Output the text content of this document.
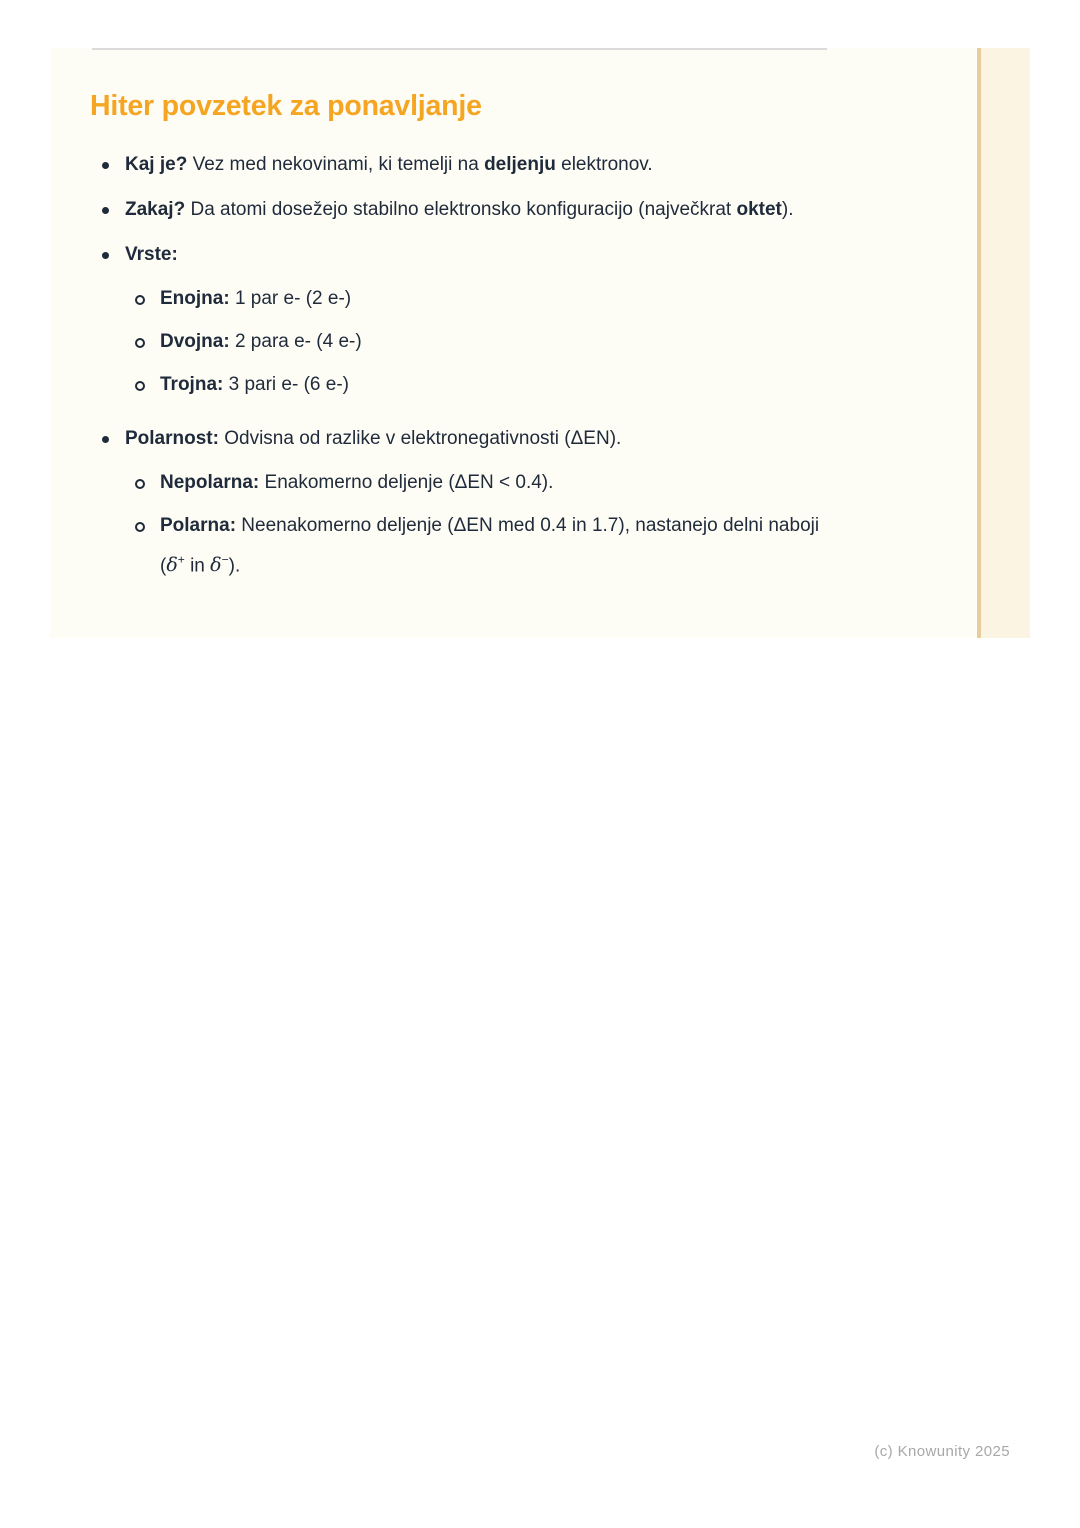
Hiter povzetek za ponavljanje
Kaj je? Vez med nekovinami, ki temelji na deljenju elektronov.
Zakaj? Da atomi dosežejo stabilno elektronsko konfiguracijo (največkrat oktet).
Vrste:
Enojna: 1 par e- (2 e-)
Dvojna: 2 para e- (4 e-)
Trojna: 3 pari e- (6 e-)
Polarnost: Odvisna od razlike v elektronegativnosti (ΔEN).
Nepolarna: Enakomerno deljenje (ΔEN < 0.4).
Polarna: Neenakomerno deljenje (ΔEN med 0.4 in 1.7), nastanejo delni naboji (δ+ in δ−).
(c) Knowunity 2025
